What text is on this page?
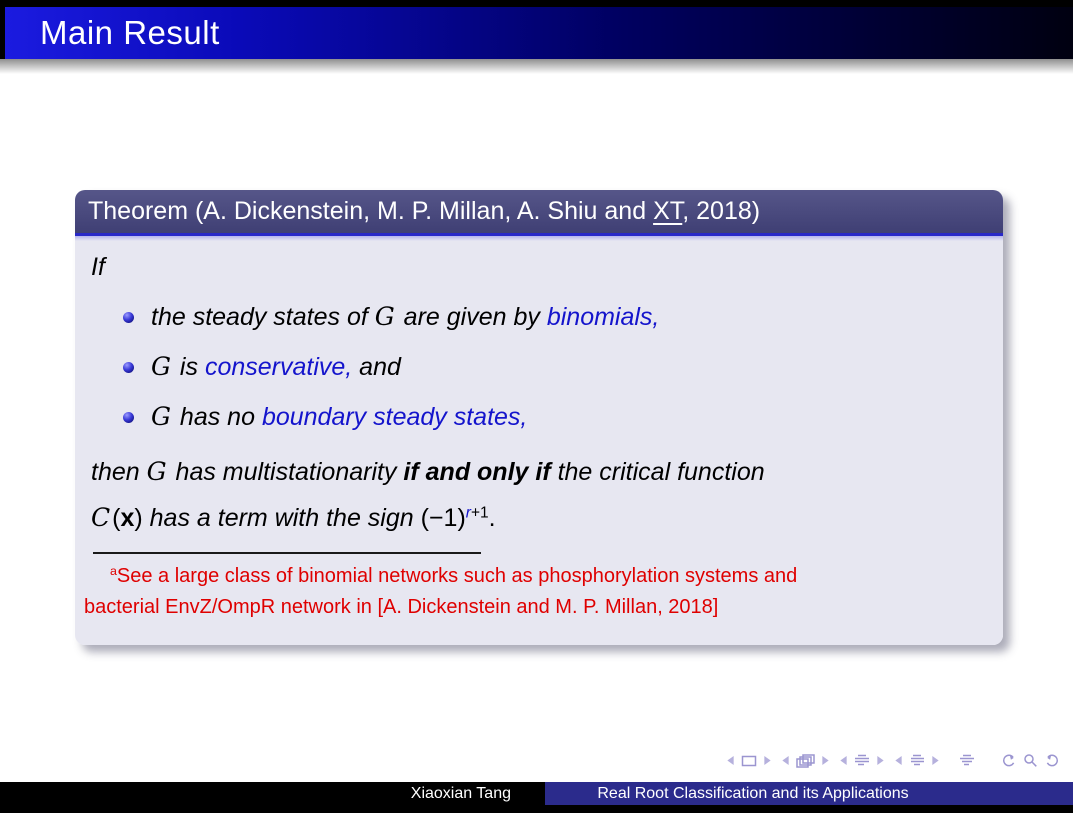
Main Result
Theorem (A. Dickenstein, M. P. Millan, A. Shiu and XT, 2018)

If

the steady states of G are given by binomials,
G is conservative, and
G has no boundary steady states,

then G has multistationarity if and only if the critical function

C(x) has a term with the sign $(-1)^{r+1}$.

$^a$See a large class of binomial networks such as phosphorylation systems and

bacterial EnvZ/OmpR network in [A. Dickenstein and M. P. Millan, 2018]

Xiaoxian Tang	Real Root Classification and its Applications
